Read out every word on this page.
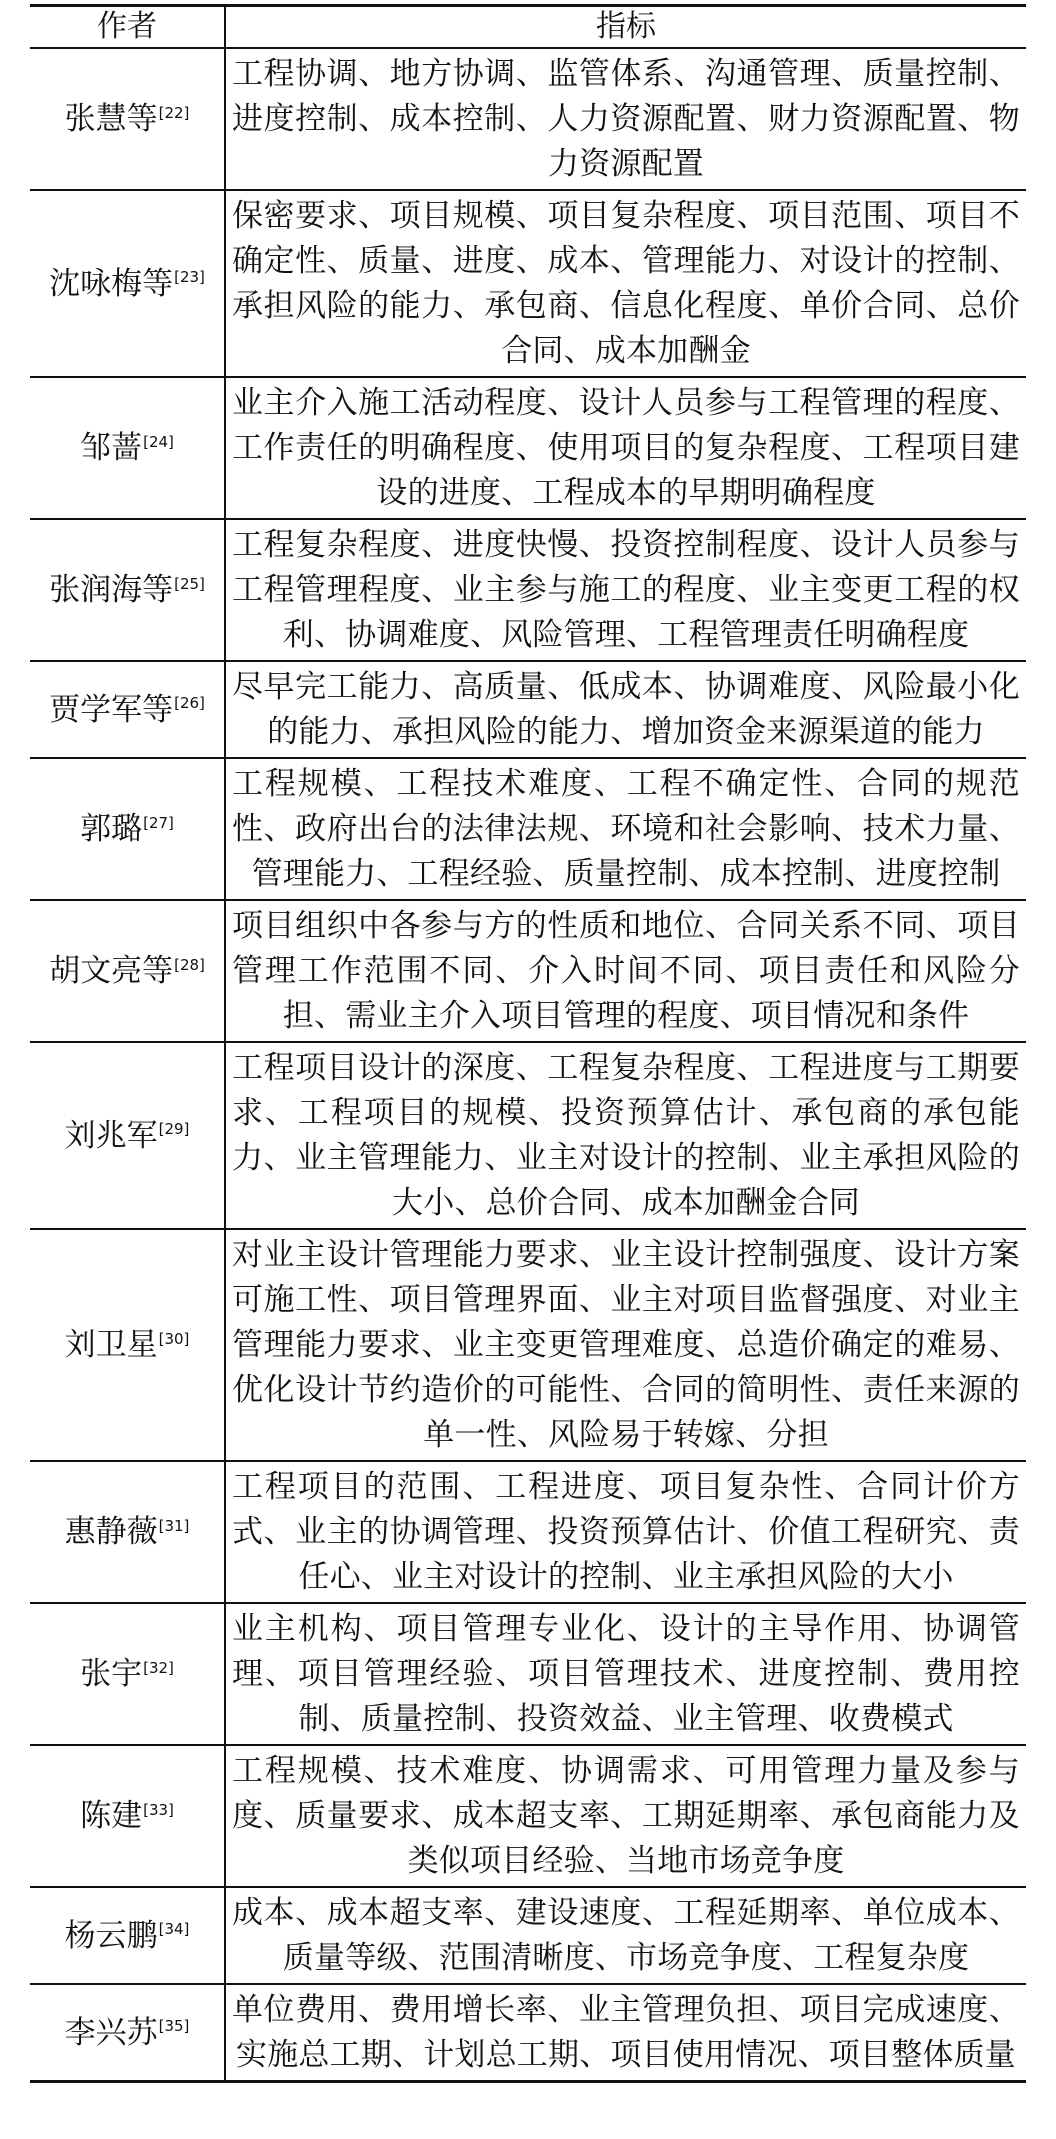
作者	指标
张慧等[22]	工程协调、地方协调、监管体系、沟通管理、质量控制、进度控制、成本控制、人力资源配置、财力资源配置、物力资源配置
沈咏梅等[23]	保密要求、项目规模、项目复杂程度、项目范围、项目不确定性、质量、进度、成本、管理能力、对设计的控制、承担风险的能力、承包商、信息化程度、单价合同、总价合同、成本加酬金
邹蔷[24]	业主介入施工活动程度、设计人员参与工程管理的程度、工作责任的明确程度、使用项目的复杂程度、工程项目建设的进度、工程成本的早期明确程度
张润海等[25]	工程复杂程度、进度快慢、投资控制程度、设计人员参与工程管理程度、业主参与施工的程度、业主变更工程的权利、协调难度、风险管理、工程管理责任明确程度
贾学军等[26]	尽早完工能力、高质量、低成本、协调难度、风险最小化的能力、承担风险的能力、增加资金来源渠道的能力
郭璐[27]	工程规模、工程技术难度、工程不确定性、合同的规范性、政府出台的法律法规、环境和社会影响、技术力量、管理能力、工程经验、质量控制、成本控制、进度控制
胡文亮等[28]	项目组织中各参与方的性质和地位、合同关系不同、项目管理工作范围不同、介入时间不同、项目责任和风险分担、需业主介入项目管理的程度、项目情况和条件
刘兆军[29]	工程项目设计的深度、工程复杂程度、工程进度与工期要求、工程项目的规模、投资预算估计、承包商的承包能力、业主管理能力、业主对设计的控制、业主承担风险的大小、总价合同、成本加酬金合同
刘卫星[30]	对业主设计管理能力要求、业主设计控制强度、设计方案可施工性、项目管理界面、业主对项目监督强度、对业主管理能力要求、业主变更管理难度、总造价确定的难易、优化设计节约造价的可能性、合同的简明性、责任来源的单一性、风险易于转嫁、分担
惠静薇[31]	工程项目的范围、工程进度、项目复杂性、合同计价方式、业主的协调管理、投资预算估计、价值工程研究、责任心、业主对设计的控制、业主承担风险的大小
张宇[32]	业主机构、项目管理专业化、设计的主导作用、协调管理、项目管理经验、项目管理技术、进度控制、费用控制、质量控制、投资效益、业主管理、收费模式
陈建[33]	工程规模、技术难度、协调需求、可用管理力量及参与度、质量要求、成本超支率、工期延期率、承包商能力及类似项目经验、当地市场竞争度
杨云鹏[34]	成本、成本超支率、建设速度、工程延期率、单位成本、质量等级、范围清晰度、市场竞争度、工程复杂度
李兴苏[35]	单位费用、费用增长率、业主管理负担、项目完成速度、实施总工期、计划总工期、项目使用情况、项目整体质量
